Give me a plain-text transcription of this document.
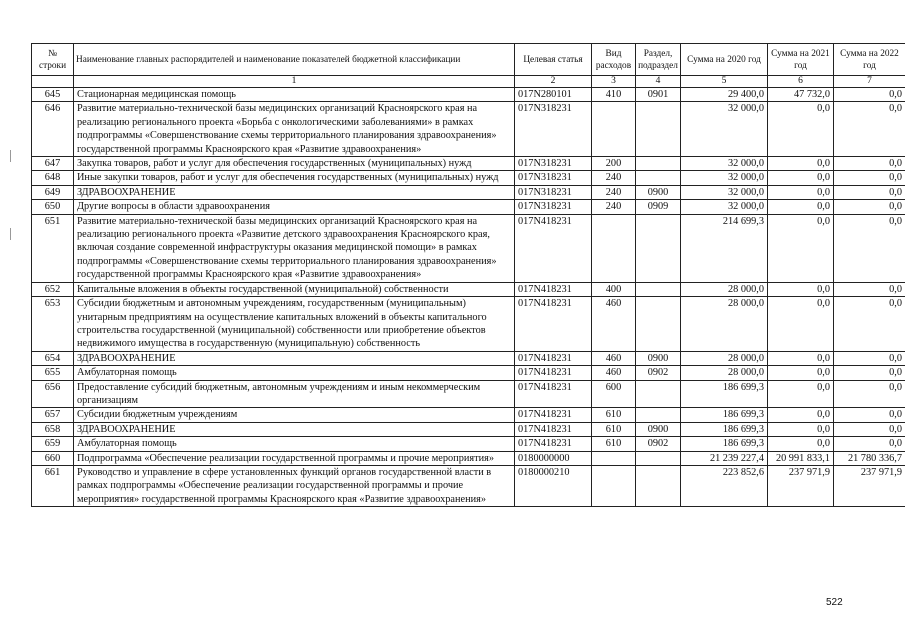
№ строки	Наименование главных распорядителей и наименование показателей бюджетной классификации	Целевая статья	Вид расходов	Раздел, подраздел	Сумма на 2020 год	Сумма на 2021 год	Сумма на 2022 год
	1	2	3	4	5	6	7
645	Стационарная медицинская помощь	017N280101	410	0901	29 400,0	47 732,0	0,0
646	Развитие материально-технической базы медицинских организаций Красноярского края на реализацию регионального проекта «Борьба с онкологическими заболеваниями» в рамках подпрограммы «Совершенствование схемы территориального планирования здравоохранения» государственной программы Красноярского края «Развитие здравоохранения»	017N318231			32 000,0	0,0	0,0
647	Закупка товаров, работ и услуг для обеспечения государственных (муниципальных) нужд	017N318231	200		32 000,0	0,0	0,0
648	Иные закупки товаров, работ и услуг для обеспечения государственных (муниципальных) нужд	017N318231	240		32 000,0	0,0	0,0
649	ЗДРАВООХРАНЕНИЕ	017N318231	240	0900	32 000,0	0,0	0,0
650	Другие вопросы в области здравоохранения	017N318231	240	0909	32 000,0	0,0	0,0
651	Развитие материально-технической базы медицинских организаций Красноярского края на реализацию регионального проекта «Развитие детского здравоохранения Красноярского края, включая создание современной инфраструктуры оказания медицинской помощи» в рамках подпрограммы «Совершенствование схемы территориального планирования здравоохранения» государственной программы Красноярского края «Развитие здравоохранения»	017N418231			214 699,3	0,0	0,0
652	Капитальные вложения в объекты государственной (муниципальной) собственности	017N418231	400		28 000,0	0,0	0,0
653	Субсидии бюджетным и автономным учреждениям, государственным (муниципальным) унитарным предприятиям на осуществление капитальных вложений в объекты капитального строительства государственной (муниципальной) собственности или приобретение объектов недвижимого имущества в государственную (муниципальную) собственность	017N418231	460		28 000,0	0,0	0,0
654	ЗДРАВООХРАНЕНИЕ	017N418231	460	0900	28 000,0	0,0	0,0
655	Амбулаторная помощь	017N418231	460	0902	28 000,0	0,0	0,0
656	Предоставление субсидий бюджетным, автономным учреждениям и иным некоммерческим организациям	017N418231	600		186 699,3	0,0	0,0
657	Субсидии бюджетным учреждениям	017N418231	610		186 699,3	0,0	0,0
658	ЗДРАВООХРАНЕНИЕ	017N418231	610	0900	186 699,3	0,0	0,0
659	Амбулаторная помощь	017N418231	610	0902	186 699,3	0,0	0,0
660	Подпрограмма «Обеспечение реализации государственной программы и прочие мероприятия»	0180000000			21 239 227,4	20 991 833,1	21 780 336,7
661	Руководство и управление в сфере установленных функций органов государственной власти в рамках подпрограммы «Обеспечение реализации государственной программы и прочие мероприятия» государственной программы Красноярского края «Развитие здравоохранения»	0180000210			223 852,6	237 971,9	237 971,9
522
